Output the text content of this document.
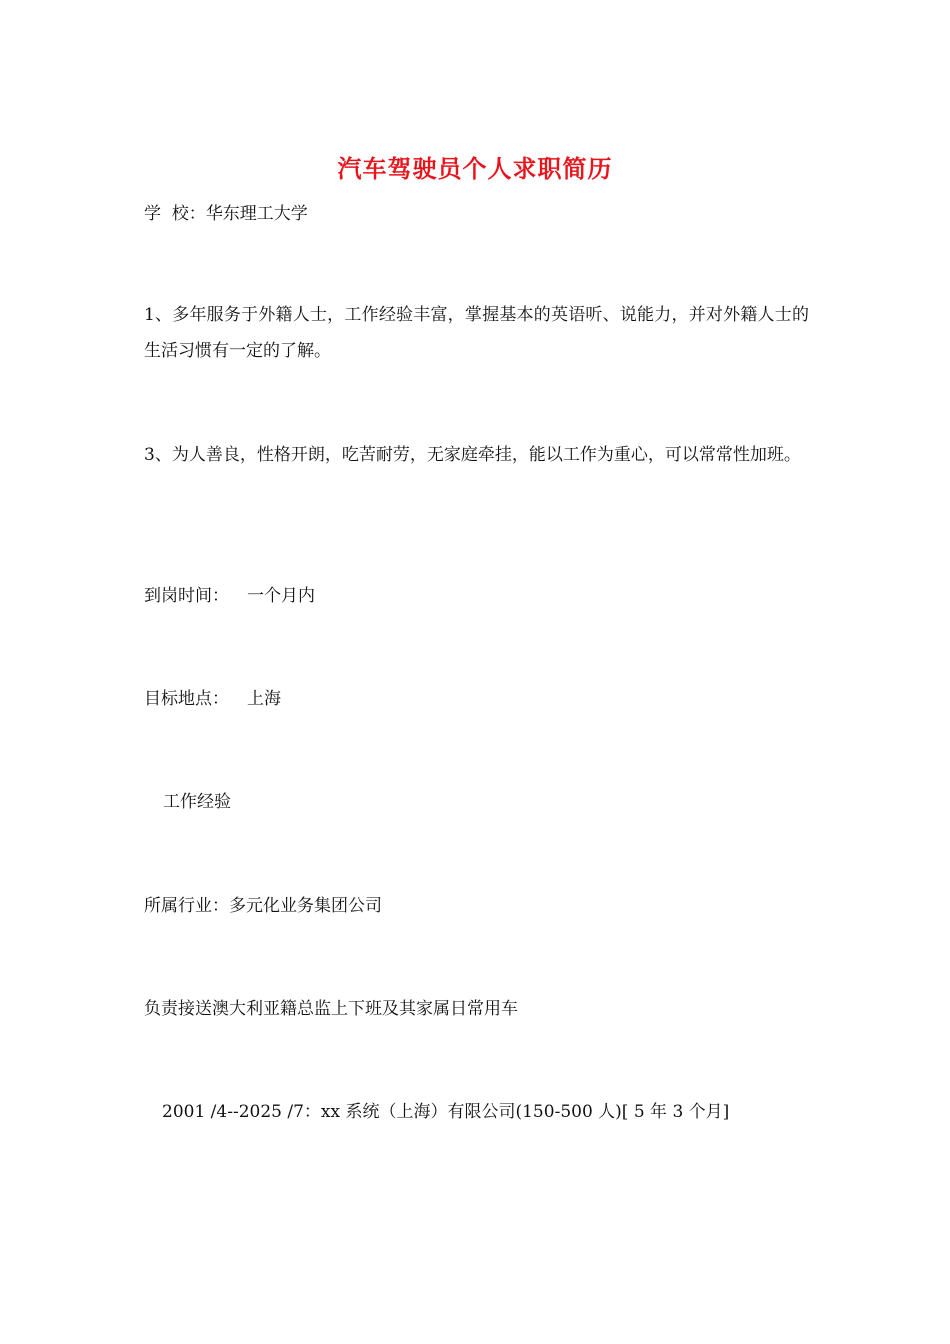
汽车驾驶员个人求职简历
学  校：华东理工大学
1、多年服务于外籍人士，工作经验丰富，掌握基本的英语听、说能力，并对外籍人士的生活习惯有一定的了解。
3、为人善良，性格开朗，吃苦耐劳，无家庭牵挂，能以工作为重心，可以常常性加班。
到岗时间： 一个月内
目标地点： 上海
工作经验
所属行业：多元化业务集团公司
负责接送澳大利亚籍总监上下班及其家属日常用车
2001 /4--2025 /7：xx 系统（上海）有限公司(150-500 人)[ 5 年 3 个月]
